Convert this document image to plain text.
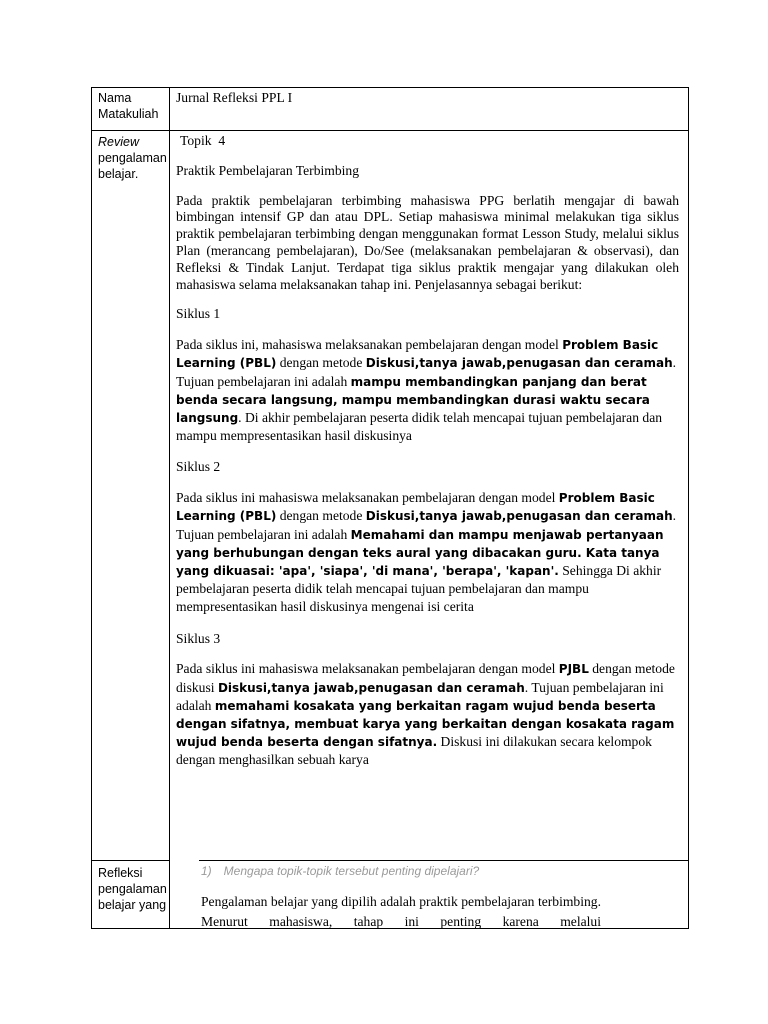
Nama Matakuliah
Jurnal Refleksi PPL I
Review
pengalaman belajar.

Topik  4

Praktik Pembelajaran Terbimbing

Pada praktik pembelajaran terbimbing mahasiswa PPG berlatih mengajar di bawah bimbingan intensif GP dan atau DPL. Setiap mahasiswa minimal melakukan tiga siklus praktik pembelajaran terbimbing dengan menggunakan format Lesson Study, melalui siklus Plan (merancang pembelajaran), Do/See (melaksanakan pembelajaran & observasi), dan Refleksi & Tindak Lanjut. Terdapat tiga siklus praktik mengajar yang dilakukan oleh mahasiswa selama melaksanakan tahap ini. Penjelasannya sebagai berikut:

Siklus 1

Pada siklus ini, mahasiswa melaksanakan pembelajaran dengan model Problem Basic Learning (PBL) dengan metode Diskusi,tanya jawab,penugasan dan ceramah. Tujuan pembelajaran ini adalah mampu membandingkan panjang dan berat benda secara langsung, mampu membandingkan durasi waktu secara langsung. Di akhir pembelajaran peserta didik telah mencapai tujuan pembelajaran dan mampu mempresentasikan hasil diskusinya

Siklus 2

Pada siklus ini mahasiswa melaksanakan pembelajaran dengan model Problem Basic Learning (PBL) dengan metode Diskusi,tanya jawab,penugasan dan ceramah. Tujuan pembelajaran ini adalah Memahami dan mampu menjawab pertanyaan yang berhubungan dengan teks aural yang dibacakan guru. Kata tanya yang dikuasai: 'apa', 'siapa', 'di mana', 'berapa', 'kapan'. Sehingga Di akhir pembelajaran peserta didik telah mencapai tujuan pembelajaran dan mampu mempresentasikan hasil diskusinya mengenai isi cerita

Siklus 3

Pada siklus ini mahasiswa melaksanakan pembelajaran dengan model PJBL dengan metode diskusi Diskusi,tanya jawab,penugasan dan ceramah. Tujuan pembelajaran ini adalah memahami kosakata yang berkaitan ragam wujud benda beserta dengan sifatnya, membuat karya yang berkaitan dengan kosakata ragam wujud benda beserta dengan sifatnya. Diskusi ini dilakukan secara kelompok dengan menghasilkan sebuah karya

Refleksi pengalaman belajar yang
1) Mengapa topik-topik tersebut penting dipelajari?
Pengalaman belajar yang dipilih adalah praktik pembelajaran terbimbing. Menurut mahasiswa, tahap ini penting karena melalui
